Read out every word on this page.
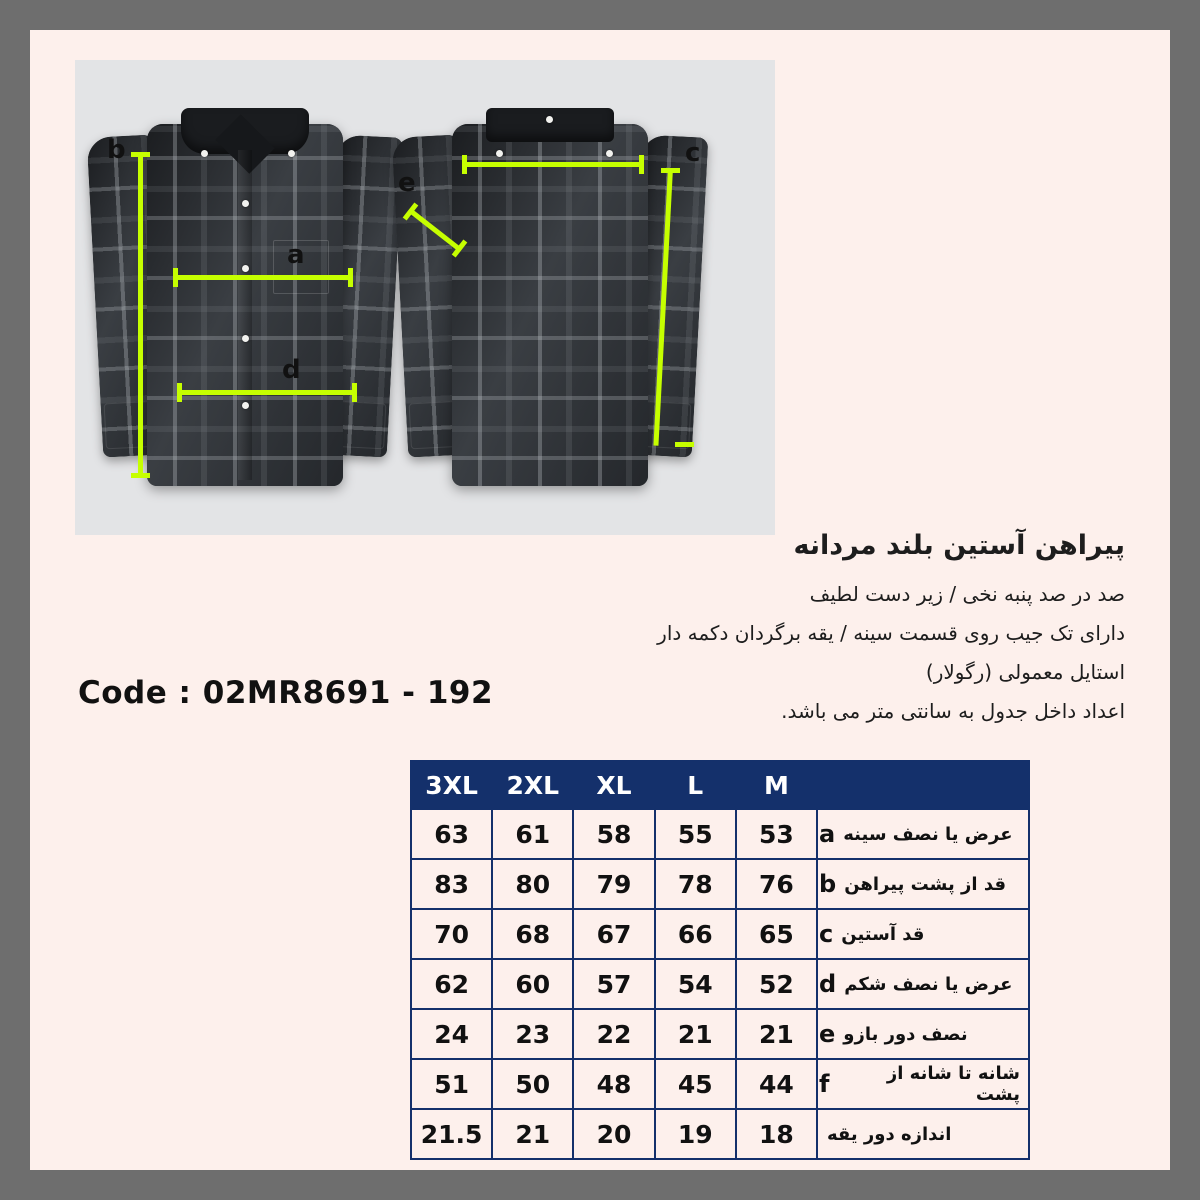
b
a
d
c
e
پیراهن آستین بلند مردانه
صد در صد پنبه نخی / زیر دست لطیف
دارای تک جیب روی قسمت سینه / یقه برگردان دکمه دار
استایل معمولی (رگولار)
اعداد داخل جدول به سانتی متر می باشد.
Code : 02MR8691 - 192
3XL	2XL	XL	L	M	
63	61	58	55	53	a عرض یا نصف سینه

83	80	79	78	76	b قد از پشت پیراهن

70	68	67	66	65	c قد آستین

62	60	57	54	52	d عرض یا نصف شکم

24	23	22	21	21	e نصف دور بازو

51	50	48	45	44	f شانه تا شانه از پشت

21.5	21	20	19	18	اندازه دور یقه
